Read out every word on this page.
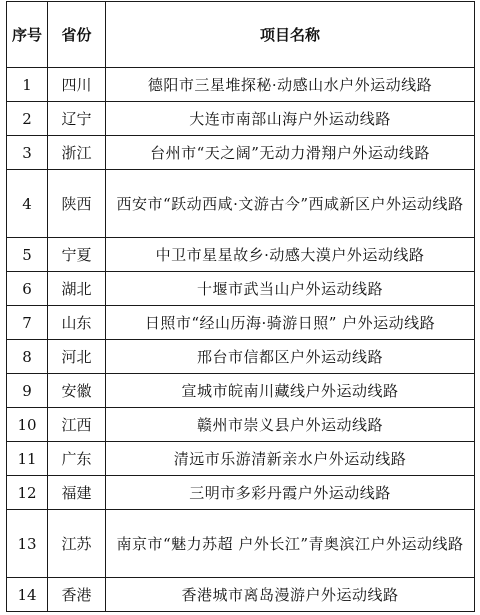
序号	省份	项目名称
1	四川	德阳市三星堆探秘·动感山水户外运动线路
2	辽宁	大连市南部山海户外运动线路
3	浙江	台州市“天之阔”无动力滑翔户外运动线路
4	陕西	西安市“跃动西咸·文游古今”西咸新区户外运动线路
5	宁夏	中卫市星星故乡·动感大漠户外运动线路
6	湖北	十堰市武当山户外运动线路
7	山东	日照市“经山历海·骑游日照” 户外运动线路
8	河北	邢台市信都区户外运动线路
9	安徽	宣城市皖南川藏线户外运动线路
10	江西	赣州市崇义县户外运动线路
11	广东	清远市乐游清新亲水户外运动线路
12	福建	三明市多彩丹霞户外运动线路
13	江苏	南京市“魅力苏超 户外长江”青奥滨江户外运动线路
14	香港	香港城市离岛漫游户外运动线路
